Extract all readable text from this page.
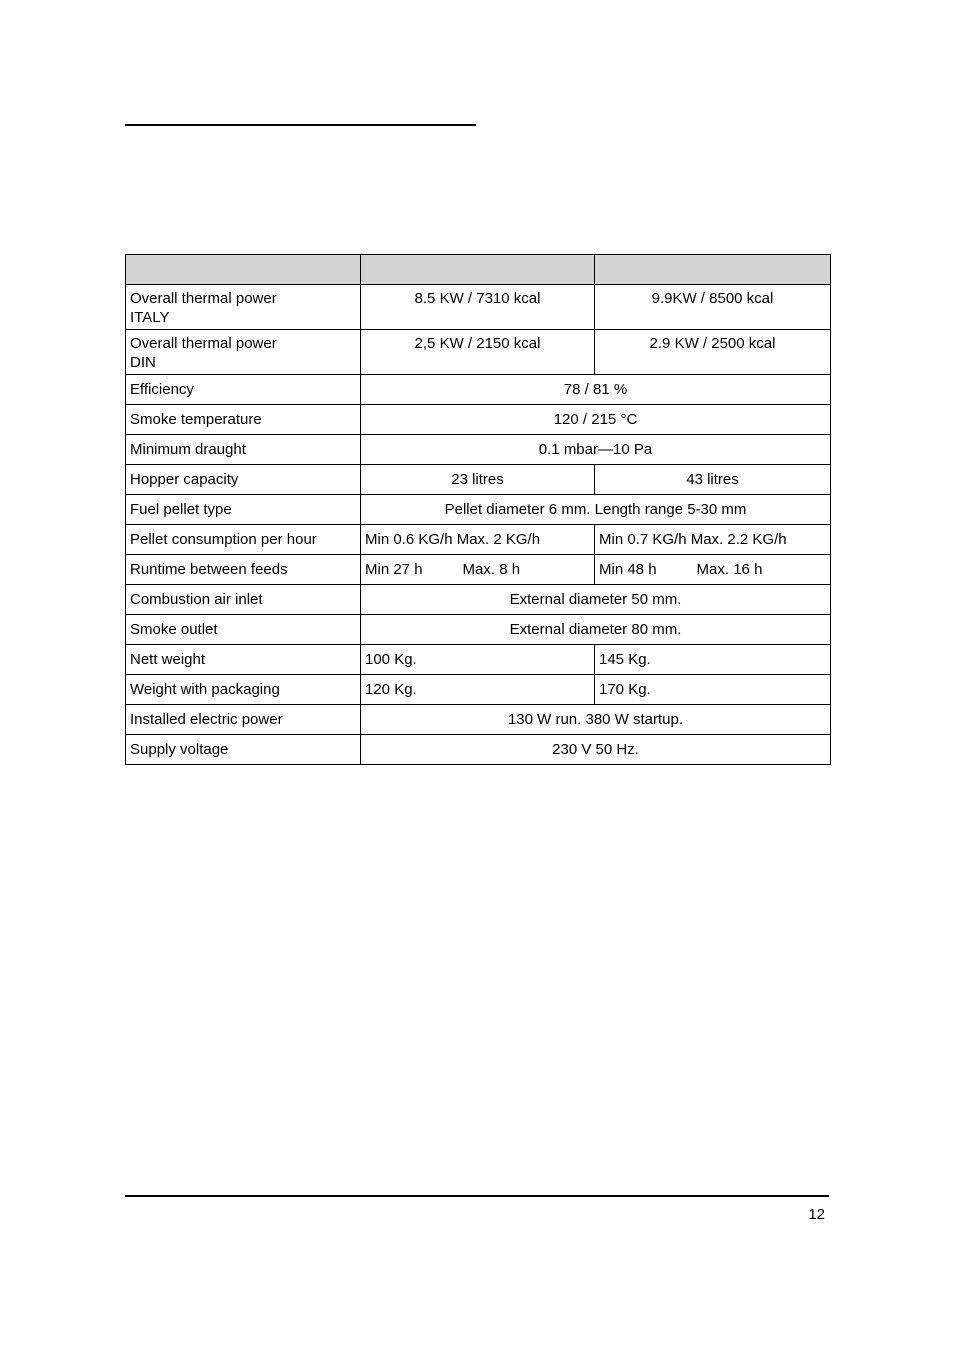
Overall thermal power
ITALY	8.5 KW / 7310 kcal	9.9KW / 8500 kcal
Overall thermal power
DIN	2,5 KW / 2150 kcal	2.9 KW / 2500 kcal
Efficiency	78 / 81 %	
Smoke temperature	120 / 215 °C	
Minimum draught	0.1 mbar—10 Pa	
Hopper capacity	23 litres	43 litres
Fuel pellet type	Pellet diameter 6 mm. Length range 5-30 mm	
Pellet consumption per hour	Min 0.6 KG/h Max. 2 KG/h	Min 0.7 KG/h Max. 2.2 KG/h
Runtime between feeds	Min 27 h Max. 8 h	Min 48 h Max. 16 h
Combustion air inlet	External diameter 50 mm.	
Smoke outlet	External diameter 80 mm.	
Nett weight	100 Kg.	145 Kg.
Weight with packaging	120 Kg.	170 Kg.
Installed electric power	130 W run. 380 W startup.	
Supply voltage	230 V 50 Hz.	
12
